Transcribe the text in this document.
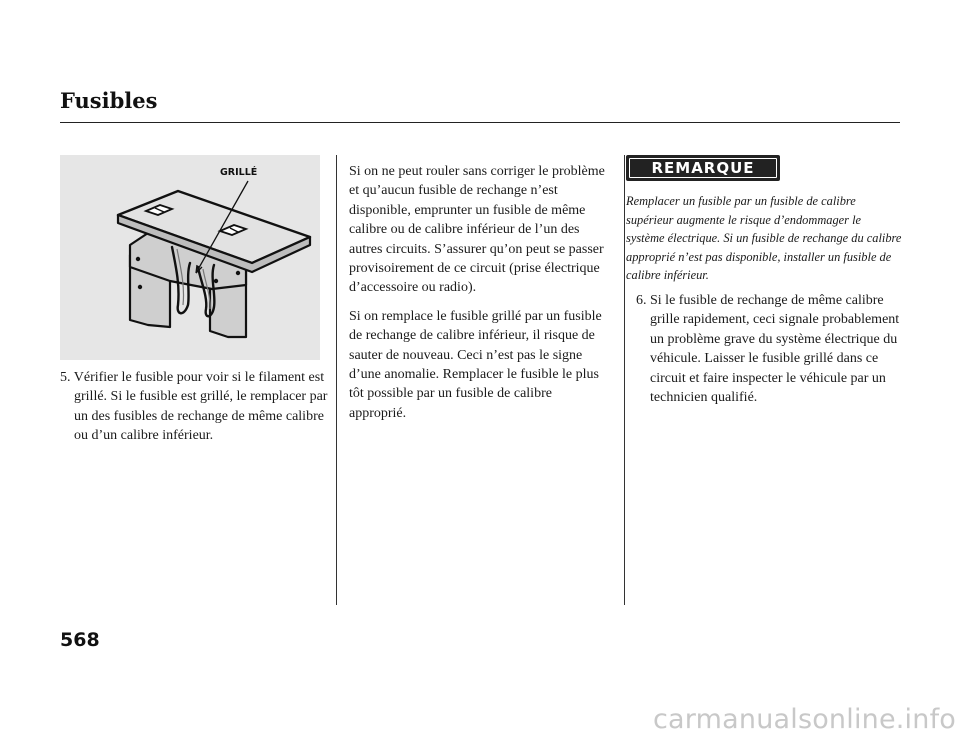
Fusibles
GRILLÉ

5. Vérifier le fusible pour voir si le filament est grillé. Si le fusible est grillé, le remplacer par un des fusibles de rechange de même calibre ou d’un calibre inférieur.

Si on ne peut rouler sans corriger le problème et qu’aucun fusible de rechange n’est disponible, emprunter un fusible de même calibre ou de calibre inférieur de l’un des autres circuits. S’assurer qu’on peut se passer provisoirement de ce circuit (prise électrique d’accessoire ou radio).

Si on remplace le fusible grillé par un fusible de rechange de calibre inférieur, il risque de sauter de nouveau. Ceci n’est pas le signe d’une anomalie. Remplacer le fusible le plus tôt possible par un fusible de calibre approprié.

REMARQUE

Remplacer un fusible par un fusible de calibre supérieur augmente le risque d’endommager le système électrique. Si un fusible de rechange du calibre approprié n’est pas disponible, installer un fusible de calibre inférieur.

6. Si le fusible de rechange de même calibre grille rapidement, ceci signale probablement un problème grave du système électrique du véhicule. Laisser le fusible grillé dans ce circuit et faire inspecter le véhicule par un technicien qualifié.

568

carmanualsonline.info
